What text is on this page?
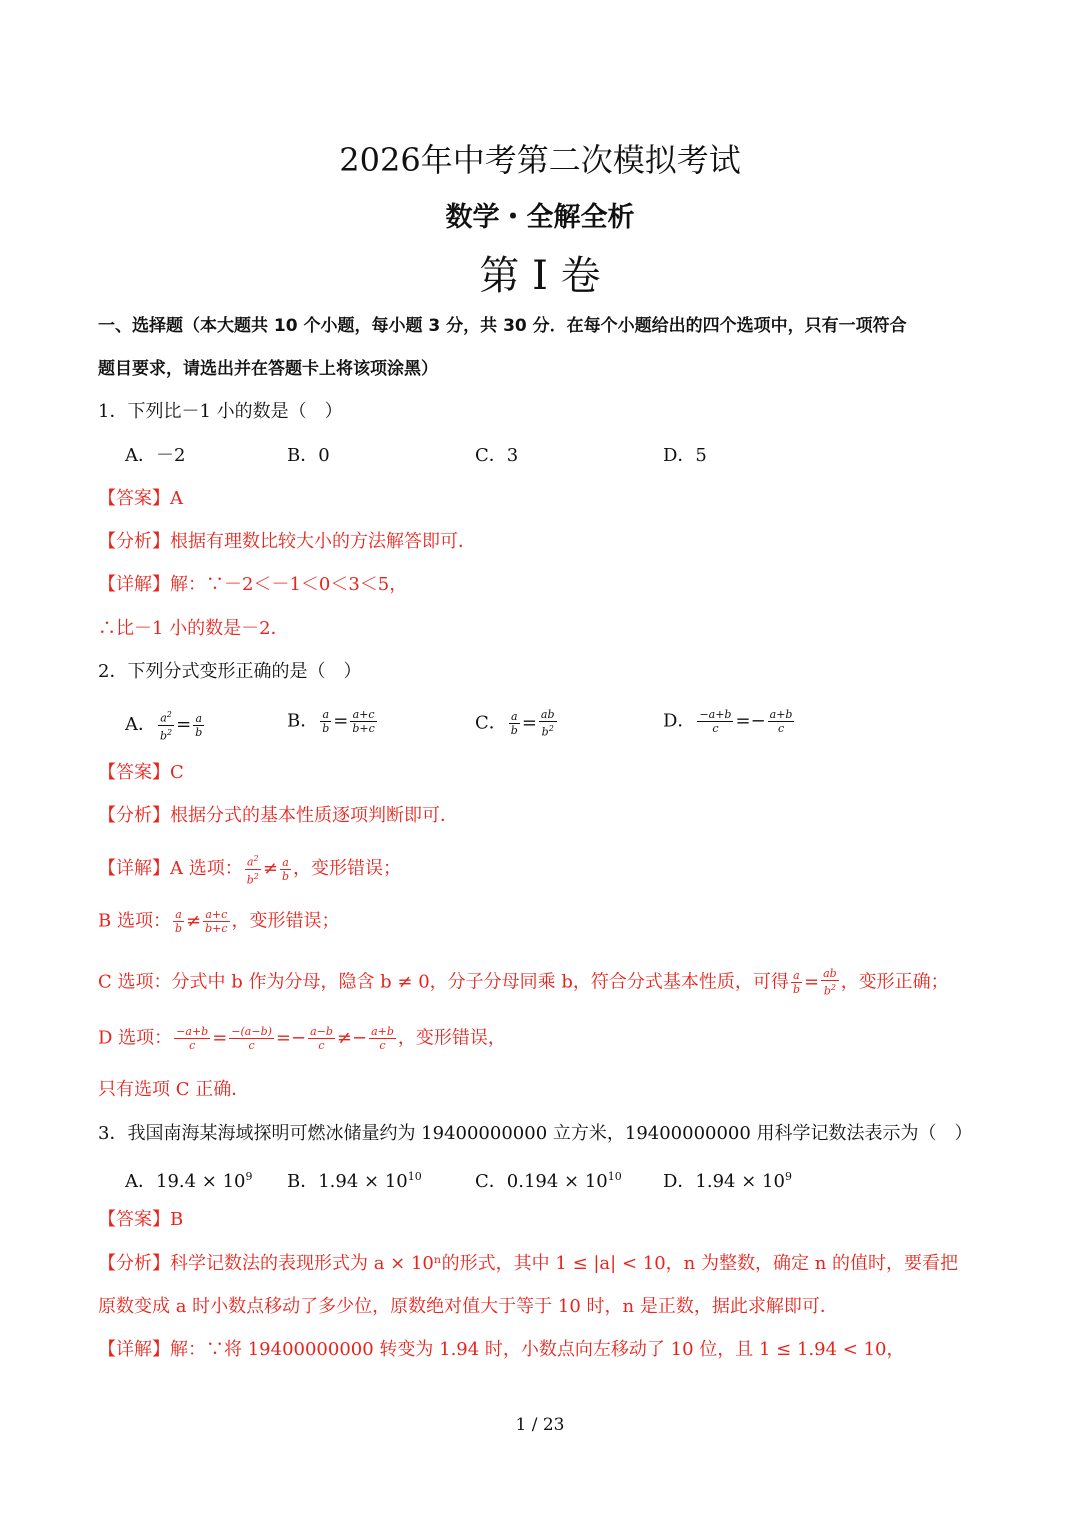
2026年中考第二次模拟考试
数学・全解全析
第 I 卷
一、选择题（本大题共 10 个小题，每小题 3 分，共 30 分．在每个小题给出的四个选项中，只有一项符合
题目要求，请选出并在答题卡上将该项涂黑）
1．下列比－1 小的数是（　）
A．－2	B．0	C．3	D．5
【答案】A
【分析】根据有理数比较大小的方法解答即可．
【详解】解：∵－2＜－1＜0＜3＜5，
∴比－1 小的数是－2．
2．下列分式变形正确的是（　）
A． $\frac{a^2}{b^2} = \frac{a}{b}$	B． $\frac{a}{b} = \frac{a+c}{b+c}$	C． $\frac{a}{b} = \frac{ab}{b^2}$	D． $\frac{-a+b}{c} =- \frac{a+b}{c}$
【答案】C
【分析】根据分式的基本性质逐项判断即可．
【详解】A 选项： $\frac{a^2}{b^2} \ne \frac{a}{b}$ ，变形错误；
B 选项： $\frac{a}{b} \ne \frac{a+c}{b+c}$ ，变形错误；
C 选项：分式中 b 作为分母，隐含 b ≠ 0，分子分母同乘 b，符合分式基本性质，可得 $\frac{a}{b} = \frac{ab}{b^2}$ ，变形正确；
D 选项： $\frac{-a+b}{c} = \frac{-(a-b)}{c} =- \frac{a-b}{c} \ne- \frac{a+b}{c}$ ，变形错误，
只有选项 C 正确．
3．我国南海某海域探明可燃冰储量约为 19400000000 立方米，19400000000 用科学记数法表示为（　）
A．$19.4 \times 10^9$ B．$1.94 \times 10^{10}$	C．$0.194 \times 10^{10}$ D．$1.94 \times 10^9$
【答案】B
【分析】科学记数法的表现形式为 a × 10ⁿ的形式，其中 1 ≤ |a| < 10，n 为整数，确定 n 的值时，要看把
原数变成 a 时小数点移动了多少位，原数绝对值大于等于 10 时，n 是正数，据此求解即可．
【详解】解：∵将 19400000000 转变为 1.94 时，小数点向左移动了 10 位，且 1 ≤ 1.94 < 10，
1 / 23
